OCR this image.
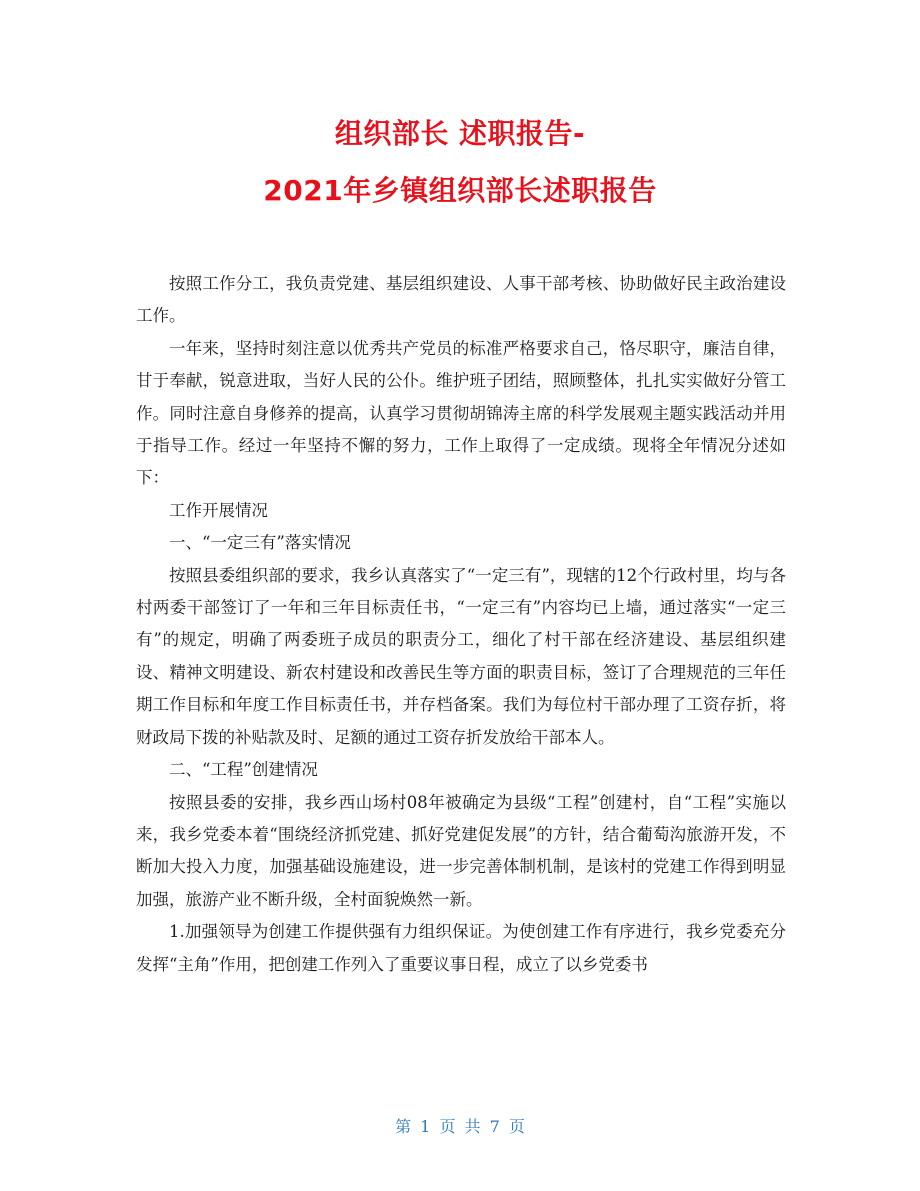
组织部长 述职报告-
2021年乡镇组织部长述职报告

按照工作分工，我负责党建、基层组织建设、人事干部考核、协助做好民主政治建设工作。

一年来，坚持时刻注意以优秀共产党员的标准严格要求自己，恪尽职守，廉洁自律，甘于奉献，锐意进取，当好人民的公仆。维护班子团结，照顾整体，扎扎实实做好分管工作。同时注意自身修养的提高，认真学习贯彻胡锦涛主席的科学发展观主题实践活动并用于指导工作。经过一年坚持不懈的努力，工作上取得了一定成绩。现将全年情况分述如下：

工作开展情况

一、“一定三有”落实情况

按照县委组织部的要求，我乡认真落实了“一定三有”，现辖的12个行政村里，均与各村两委干部签订了一年和三年目标责任书，“一定三有”内容均已上墙，通过落实“一定三有”的规定，明确了两委班子成员的职责分工，细化了村干部在经济建设、基层组织建设、精神文明建设、新农村建设和改善民生等方面的职责目标，签订了合理规范的三年任期工作目标和年度工作目标责任书，并存档备案。我们为每位村干部办理了工资存折，将财政局下拨的补贴款及时、足额的通过工资存折发放给干部本人。

二、“工程”创建情况

按照县委的安排，我乡西山场村08年被确定为县级“工程”创建村，自“工程”实施以来，我乡党委本着“围绕经济抓党建、抓好党建促发展”的方针，结合葡萄沟旅游开发，不断加大投入力度，加强基础设施建设，进一步完善体制机制，是该村的党建工作得到明显加强，旅游产业不断升级，全村面貌焕然一新。

1.加强领导为创建工作提供强有力组织保证。为使创建工作有序进行，我乡党委充分发挥“主角”作用，把创建工作列入了重要议事日程，成立了以乡党委书

第 1 页 共 7 页
